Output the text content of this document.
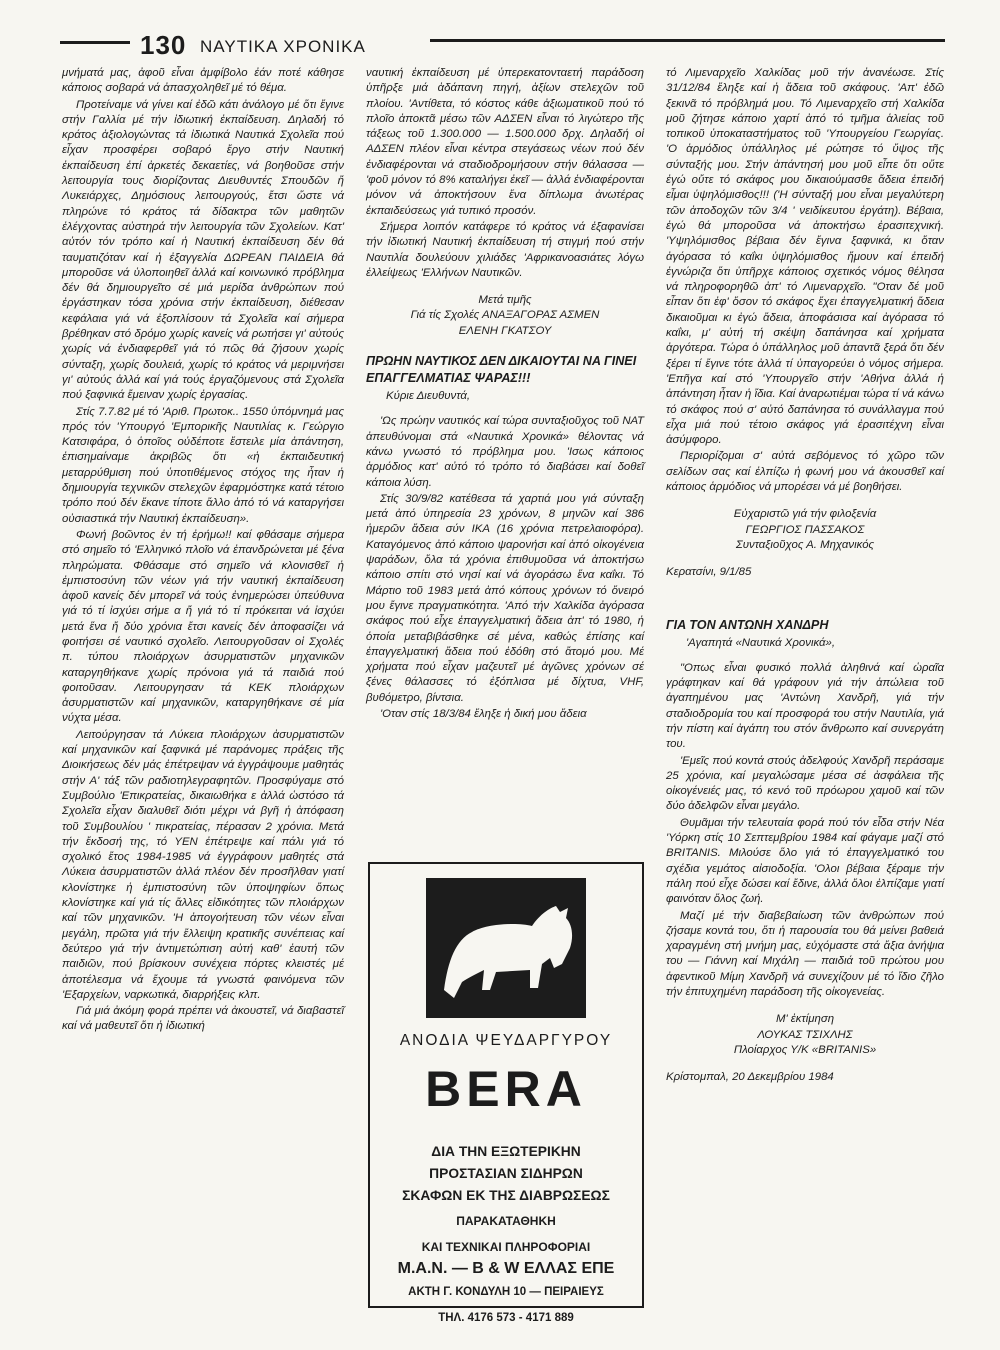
130 ΝΑΥΤΙΚΑ ΧΡΟΝΙΚΑ

μνήματά μας, ἀφοῦ εἶναι ἀμφίβολο ἐάν ποτέ κάθησε κάποιος σοβαρά νά ἀπασχοληθεῖ μέ τό θέμα.

Προτείναμε νά γίνει καί ἐδῶ κάτι ἀνάλογο μέ ὅτι ἔγινε στήν Γαλλία μέ τήν ἰδιωτική ἐκπαίδευση. Δηλαδή τό κράτος ἀξιολογώντας τά ἰδιωτικά Ναυτικά Σχολεῖα πού εἶχαν προσφέρει σοβαρό ἔργο στήν Ναυτική ἐκπαίδευση ἐπί ἀρκετές δεκαετίες, νά βοηθοῦσε στήν λειτουργία τους διορίζοντας Διευθυντές Σπουδῶν ἤ Λυκειάρχες, Δημόσιους λειτουργούς, ἔτσι ὥστε νά πληρώνε τό κράτος τά δίδακτρα τῶν μαθητῶν ἐλέγχοντας αὐστηρά τήν λειτουργία τῶν Σχολείων. Κατ' αὐτόν τόν τρόπο καί ἡ Ναυτική ἐκπαίδευση δέν θά ταυματιζόταν καί ἡ ἐξαγγελία ΔΩΡΕΑΝ ΠΑΙΔΕΙΑ θά μποροῦσε νά ὑλοποιηθεῖ ἀλλά καί κοινωνικό πρόβλημα δέν θά δημιουργεῖτο σέ μιά μερίδα ἀνθρώπων πού ἐργάστηκαν τόσα χρόνια στήν ἐκπαίδευση, διέθεσαν κεφάλαια γιά νά ἐξοπλίσουν τά Σχολεῖα καί σήμερα βρέθηκαν στό δρόμο χωρίς κανείς νά ρωτήσει γι' αὐτούς χωρίς νά ἐνδιαφερθεῖ γιά τό πῶς θά ζήσουν χωρίς σύνταξη, χωρίς δουλειά, χωρίς τό κράτος νά μεριμνήσει γι' αὐτούς ἀλλά καί γιά τούς ἐργαζόμενους στά Σχολεῖα πού ξαφνικά ἔμειναν χωρίς ἐργασίας.

Στίς 7.7.82 μέ τό 'Αριθ. Πρωτοκ.. 1550 ὑπόμνημά μας πρός τόν 'Υπουργό 'Εμπορικῆς Ναυτιλίας κ. Γεώργιο Κατσιφάρα, ὁ ὁποῖος οὐδέποτε ἔστειλε μία ἀπάντηση, ἐπισημαίναμε ἀκριβῶς ὅτι «ἡ ἐκπαιδευτική μεταρρύθμιση πού ὑποτιθέμενος στόχος της ἦταν ἡ δημιουργία τεχνικῶν στελεχῶν ἐφαρμόστηκε κατά τέτοιο τρόπο πού δέν ἔκανε τίποτε ἄλλο ἀπό τό νά καταργήσει οὐσιαστικά τήν Ναυτική ἐκπαίδευση».

Φωνή βοῶντος ἐν τή ἐρήμω!! καί φθάσαμε σήμερα στό σημεῖο τό 'Ελληνικό πλοῖο νά ἐπανδρώνεται μέ ξένα πληρώματα. Φθάσαμε στό σημεῖο νά κλονισθεῖ ἡ ἐμπιστοσύνη τῶν νέων γιά τήν ναυτική ἐκπαίδευση ἀφοῦ κανείς δέν μπορεῖ νά τούς ἐνημερώσει ὑπεύθυνα γιά τό τί ἰσχύει σήμε α ἤ γιά τό τί πρόκειται νά ἰσχύει μετά ἕνα ἤ δύο χρόνια ἔτσι κανείς δέν ἀποφασίζει νά φοιτήσει σέ ναυτικό σχολεῖο. Λειτουργοῦσαν οἱ Σχολές π. τύπου πλοιάρχων ἀσυρματιστῶν μηχανικῶν καταργηθήκανε χωρίς πρόνοια γιά τά παιδιά πού φοιτοῦσαν. Λειτουργησαν τά ΚΕΚ πλοιάρχων ἀσυρματιστῶν καί μηχανικῶν, καταργηθήκανε σέ μία νύχτα μέσα.

Λειτούργησαν τά Λύκεια πλοιάρχων ἀσυρματιστῶν καί μηχανικῶν καί ξαφνικά μέ παράνομες πράξεις τῆς Διοικήσεως δέν μάς ἐπέτρεψαν νά ἐγγράψουμε μαθητάς στήν Α' τάξ τῶν ραδιοτηλεγραφητῶν. Προσφύγαμε στό Συμβούλιο 'Επικρατείας, δικαιωθήκα ε ἀλλά ὡστόσο τά Σχολεῖα εἶχαν διαλυθεῖ διότι μέχρι νά βγῆ ἡ ἀπόφαση τοῦ Συμβουλίου ' πικρατείας, πέρασαν 2 χρόνια. Μετά τήν ἔκδοσή της, τό ΥΕΝ ἐπέτρεψε καί πάλι γιά τό σχολικό ἔτος 1984-1985 νά ἐγγράφουν μαθητές στά Λύκεια ἀσυρματιστῶν ἀλλά πλέον δέν προσῆλθαν γιατί κλονίστηκε ἡ ἐμπιστοσύνη τῶν ὑποψηφίων ὅπως κλονίστηκε καί γιά τίς ἄλλες εἰδικότητες τῶν πλοιάρχων καί τῶν μηχανικῶν. 'Η ἀπογοήτευση τῶν νέων εἶναι μεγάλη, πρῶτα γιά τήν ἔλλειψη κρατικῆς συνέπειας καί δεύτερο γιά τήν ἀντιμετώπιση αὐτή καθ' ἑαυτή τῶν παιδιῶν, πού βρίσκουν συνέχεια πόρτες κλειστές μέ ἀποτέλεσμα νά ἔχουμε τά γνωστά φαινόμενα τῶν 'Εξαρχείων, ναρκωτικά, διαρρήξεις κλπ.

Γιά μιά ἀκόμη φορά πρέπει νά ἀκουστεῖ, νά διαβαστεῖ καί νά μαθευτεῖ ὅτι ἡ ἰδιωτική

ναυτική ἐκπαίδευση μέ ὑπερεκατονταετή παράδοση ὑπῆρξε μιά ἀδάπανη πηγή, ἀξίων στελεχῶν τοῦ πλοίου. 'Αντίθετα, τό κόστος κάθε ἀξιωματικοῦ πού τό πλοῖο ἀποκτᾶ μέσω τῶν ΑΔΣΕΝ εἶναι τό λιγώτερο τῆς τάξεως τοῦ 1.300.000 — 1.500.000 δρχ. Δηλαδή οἱ ΑΔΣΕΝ πλέον εἶναι κέντρα στεγάσεως νέων πού δέν ἐνδιαφέρονται νά σταδιοδρομήσουν στήν θάλασσα — 'φοῦ μόνον τό 8% καταλήγει ἐκεῖ — ἀλλά ἐνδιαφέρονται μόνον νά ἀποκτήσουν ἕνα δίπλωμα ἀνωτέρας ἐκπαιδεύσεως γιά τυπικό προσόν.

Σήμερα λοιπόν κατάφερε τό κράτος νά ἐξαφανίσει τήν ἰδιωτική Ναυτική ἐκπαίδευση τή στιγμή πού στήν Ναυτιλία δουλεύουν χιλιάδες 'Αφρικανοασιάτες λόγω ἐλλείψεως 'Ελλήνων Ναυτικῶν.

Μετά τιμῆς
Γιά τίς Σχολές ΑΝΑΞΑΓΟΡΑΣ ΑΣΜΕΝ
ΕΛΕΝΗ ΓΚΑΤΣΟΥ
ΠΡΩΗΝ ΝΑΥΤΙΚΟΣ ΔΕΝ ΔΙΚΑΙΟΥΤΑΙ ΝΑ ΓΙΝΕΙ ΕΠΑΓΓΕΛΜΑΤΙΑΣ ΨΑΡΑΣ!!!
Κύριε Διευθυντά,

'Ως πρώην ναυτικός καί τώρα συνταξιοῦχος τοῦ ΝΑΤ ἀπευθύνομαι στά «Ναυτικά Χρονικά» θέλοντας νά κάνω γνωστό τό πρόβλημα μου. 'Ισως κάποιος ἁρμόδιος κατ' αὐτό τό τρόπο τό διαβάσει καί δοθεῖ κάποια λύση.

Στίς 30/9/82 κατέθεσα τά χαρτιά μου γιά σύνταξη μετά ἀπό ὑπηρεσία 23 χρόνων, 8 μηνῶν καί 386 ἡμερῶν ἄδεια σύν ΙΚΑ (16 χρόνια πετρελαιοφόρα). Καταγόμενος ἀπό κάποιο ψαρονήσι καί ἀπό οἰκογένεια ψαράδων, ὅλα τά χρόνια ἐπιθυμοῦσα νά ἀποκτήσω κάποιο σπίτι στό νησί καί νά ἀγοράσω ἕνα καΐκι. Τό Μάρτιο τοῦ 1983 μετά ἀπό κόπους χρόνων τό ὄνειρό μου ἔγινε πραγματικότητα. 'Από τήν Χαλκίδα ἀγόρασα σκάφος πού εἶχε ἐπαγγελματική ἄδεια ἀπ' τό 1980, ἡ ὁποία μεταβιβάσθηκε σέ μένα, καθώς ἐπίσης καί ἐπαγγελματική ἄδεια πού ἐδόθη στό ἄτομό μου. Μέ χρήματα πού εἶχαν μαζευτεῖ μέ ἀγῶνες χρόνων σέ ξένες θάλασσες τό ἐξόπλισα μέ δίχτυα, VHF, βυθόμετρο, βίντσια.

'Οταν στίς 18/3/84 ἔληξε ἡ δική μου ἄδεια

ΑΝΟΔΙΑ ΨΕΥΔΑΡΓΥΡΟΥ
BERA
ΔΙΑ ΤΗΝ ΕΞΩΤΕΡΙΚΗΝ
ΠΡΟΣΤΑΣΙΑΝ ΣΙΔΗΡΩΝ
ΣΚΑΦΩΝ ΕΚ ΤΗΣ ΔΙΑΒΡΩΣΕΩΣ
ΠΑΡΑΚΑΤΑΘΗΚΗ
ΚΑΙ ΤΕΧΝΙΚΑΙ ΠΛΗΡΟΦΟΡΙΑΙ
Μ.Α.Ν. — Β & W ΕΛΛΑΣ ΕΠΕ
ΑΚΤΗ Γ. ΚΟΝΔΥΛΗ 10 — ΠΕΙΡΑΙΕΥΣ
ΤΗΛ. 4176 573 - 4171 889

τό Λιμεναρχεῖο Χαλκίδας μοῦ τήν ἀνανέωσε. Στίς 31/12/84 ἔληξε καί ἡ ἄδεια τοῦ σκάφους. 'Απ' ἐδῶ ξεκινᾶ τό πρόβλημά μου. Τό Λιμεναρχεῖο στή Χαλκίδα μοῦ ζήτησε κάποιο χαρτί ἀπό τό τμῆμα ἁλιείας τοῦ τοπικοῦ ὑποκαταστήματος τοῦ 'Υπουργείου Γεωργίας. 'Ο ἁρμόδιος ὑπάλληλος μέ ρώτησε τό ὕψος τῆς σύνταξής μου. Στήν ἀπάντησή μου μοῦ εἶπε ὅτι οὔτε ἐγώ οὔτε τό σκάφος μου δικαιούμασθε ἄδεια ἐπειδή εἶμαι ὑψηλόμισθος!!! ('Η σύνταξή μου εἶναι μεγαλύτερη τῶν ἀποδοχῶν τῶν 3/4 ' νειδίκευτου ἐργάτη). Βέβαια, ἐγώ θά μποροῦσα νά ἀποκτήσω ἐρασιτεχνική. 'Υψηλόμισθος βέβαια δέν ἔγινα ξαφνικά, κι ὅταν ἀγόρασα τό καΐκι ὑψηλόμισθος ἤμουν καί ἐπειδή ἐγνώριζα ὅτι ὑπῆρχε κάποιος σχετικός νόμος θέλησα νά πληροφορηθῶ ἀπ' τό Λιμεναρχεῖο. "Οταν δέ μοῦ εἶπαν ὅτι ἐφ' ὅσον τό σκάφος ἔχει ἐπαγγελματική ἄδεια δικαιοῦμαι κι ἐγώ ἄδεια, ἀποφάσισα καί ἀγόρασα τό καΐκι, μ' αὐτή τή σκέψη δαπάνησα καί χρήματα ἀργότερα. Τώρα ὁ ὑπάλληλος μοῦ ἀπαντᾶ ξερά ὅτι δέν ξέρει τί ἔγινε τότε ἀλλά τί ὑπαγορεύει ὁ νόμος σήμερα. 'Επῆγα καί στό 'Υπουργεῖο στήν 'Αθήνα ἀλλά ἡ ἀπάντηση ἦταν ἡ ἴδια. Καί ἀναρωτιέμαι τώρα τί νά κάνω τό σκάφος πού σ' αὐτό δαπάνησα τό συνάλλαγμα πού εἶχα μιά πού τέτοιο σκάφος γιά ἐρασιτέχνη εἶναι ἀσύμφορο.

Περιορίζομαι σ' αὐτά σεβόμενος τό χῶρο τῶν σελίδων σας καί ἐλπίζω ἡ φωνή μου νά ἀκουσθεῖ καί κάποιος ἁρμόδιος νά μπορέσει νά μέ βοηθήσει.

Εὐχαριστῶ γιά τήν φιλοξενία
ΓΕΩΡΓΙΟΣ ΠΑΣΣΑΚΟΣ
Συνταξιοῦχος Α. Μηχανικός
Κερατσίνι, 9/1/85
ΓΙΑ ΤΟΝ ΑΝΤΩΝΗ ΧΑΝΔΡΗ
'Αγαπητά «Ναυτικά Χρονικά»,

"Οπως εἶναι φυσικό πολλά ἀληθινά καί ὡραῖα γράφτηκαν καί θά γράφουν γιά τήν ἀπώλεια τοῦ ἀγαπημένου μας 'Αντώνη Χανδρῆ, γιά τήν σταδιοδρομία του καί προσφορά του στήν Ναυτιλία, γιά τήν πίστη καί ἀγάπη του στόν ἄνθρωπο καί συνεργάτη του.

'Εμεῖς πού κοντά στούς ἀδελφούς Χανδρῆ περάσαμε 25 χρόνια, καί μεγαλώσαμε μέσα σέ ἀσφάλεια τῆς οἰκογένειές μας, τό κενό τοῦ πρόωρου χαμοῦ καί τῶν δύο ἀδελφῶν εἶναι μεγάλο.

Θυμᾶμαι τήν τελευταία φορά πού τόν εἶδα στήν Νέα 'Υόρκη στίς 10 Σεπτεμβρίου 1984 καί φάγαμε μαζί στό BRITANIS. Μιλούσε ὅλο γιά τό ἐπαγγελματικό του σχέδια γεμάτος αἰσιοδοξία. 'Ολοι βέβαια ξέραμε τήν πάλη πού εἶχε δώσει καί ἔδινε, ἀλλά ὅλοι ἐλπίζαμε γιατί φαινόταν ὅλος ζωή.

Μαζί μέ τήν διαβεβαίωση τῶν ἀνθρώπων πού ζήσαμε κοντά του, ὅτι ἡ παρουσία του θά μείνει βαθειά χαραγμένη στή μνήμη μας, εὐχόμαστε στά ἄξια ἀνήψια του — Γιάννη καί Μιχάλη — παιδιά τοῦ πρώτου μου ἀφεντικοῦ Μίμη Χανδρῆ νά συνεχίζουν μέ τό ἴδιο ζῆλο τήν ἐπιτυχημένη παράδοση τῆς οἰκογενείας.

Μ' ἐκτίμηση
ΛΟΥΚΑΣ ΤΣΙΧΛΗΣ
Πλοίαρχος Υ/Κ «BRITANIS»
Κρίστομπαλ, 20 Δεκεμβρίου 1984
